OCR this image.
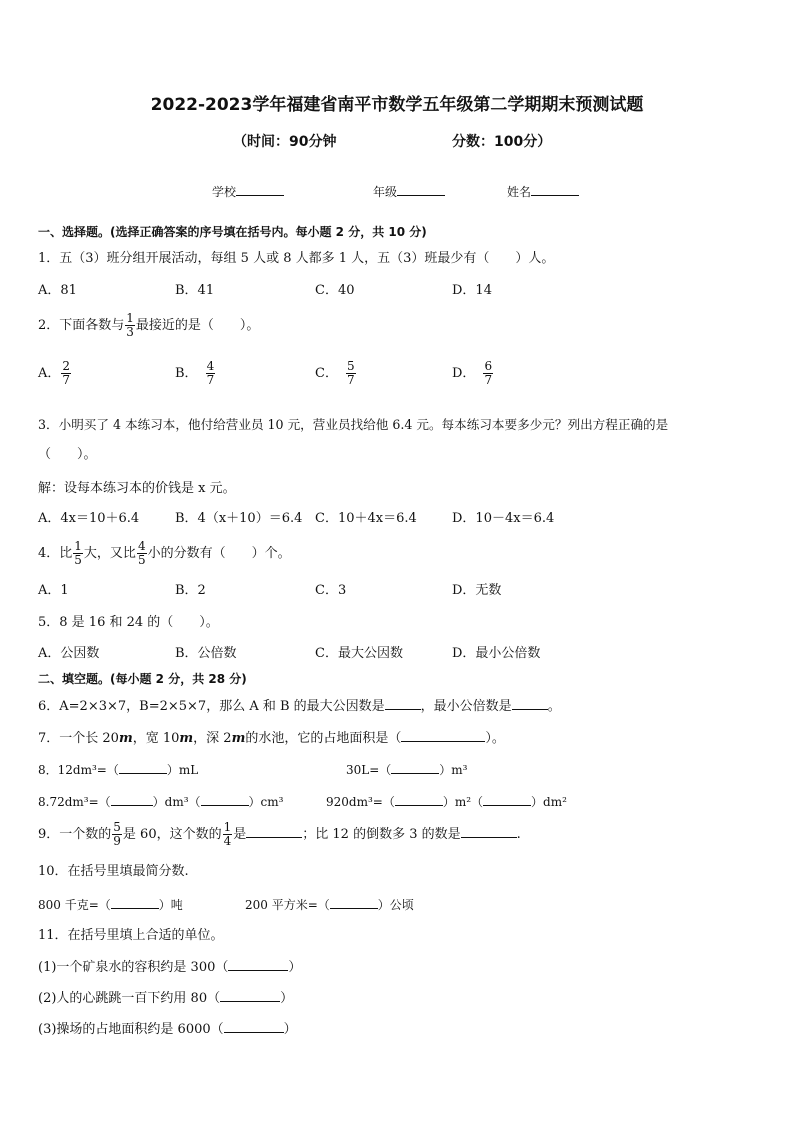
2022-2023学年福建省南平市数学五年级第二学期期末预测试题
（时间：90分钟	分数：100分）
学校	年级	姓名
一、选择题。(选择正确答案的序号填在括号内。每小题 2 分，共 10 分)
1．五（3）班分组开展活动，每组 5 人或 8 人都多 1 人，五（3）班最少有（　　）人。
A．81	B．41	C．40	D．14
2．下面各数与 $\frac{1}{3}$ 最接近的是（　　）。
A． $\frac{2}{7}$	B． $\frac{4}{7}$	C． $\frac{5}{7}$	D． $\frac{6}{7}$
3．小明买了 4 本练习本，他付给营业员 10 元，营业员找给他 6.4 元。每本练习本要多少元？列出方程正确的是
（　　）。
解：设每本练习本的价钱是 x 元。
A．4x＝10＋6.4	B．4（x＋10）＝6.4 C．10＋4x＝6.4	D．10－4x＝6.4
4．比 $\frac{1}{5}$ 大，又比 $\frac{4}{5}$ 小的分数有（　　）个。
A．1	B．2	C．3	D．无数
5．8 是 16 和 24 的（　　）。
A．公因数	B．公倍数	C．最大公因数	D．最小公倍数
二、填空题。(每小题 2 分，共 28 分)
6．A=2×3×7，B=2×5×7，那么 A 和 B 的最大公因数是	，最小公倍数是	。
7．一个长 20m，宽 10m，深 2m的水池，它的占地面积是（	）。
8．12dm³=（	）mL	30L=（	）m³
8.72dm³=（	）dm³（	）cm³	920dm³=（	）m²（	）dm²
9．一个数的 $\frac{5}{9}$ 是 60，这个数的 $\frac{1}{4}$ 是	；比 12 的倒数多 3 的数是	.
10．在括号里填最简分数.
800 千克=（	）吨	200 平方米=（	）公顷
11．在括号里填上合适的单位。
(1)一个矿泉水的容积约是 300（	）
(2)人的心跳跳一百下约用 80（	）
(3)操场的占地面积约是 6000（	）
